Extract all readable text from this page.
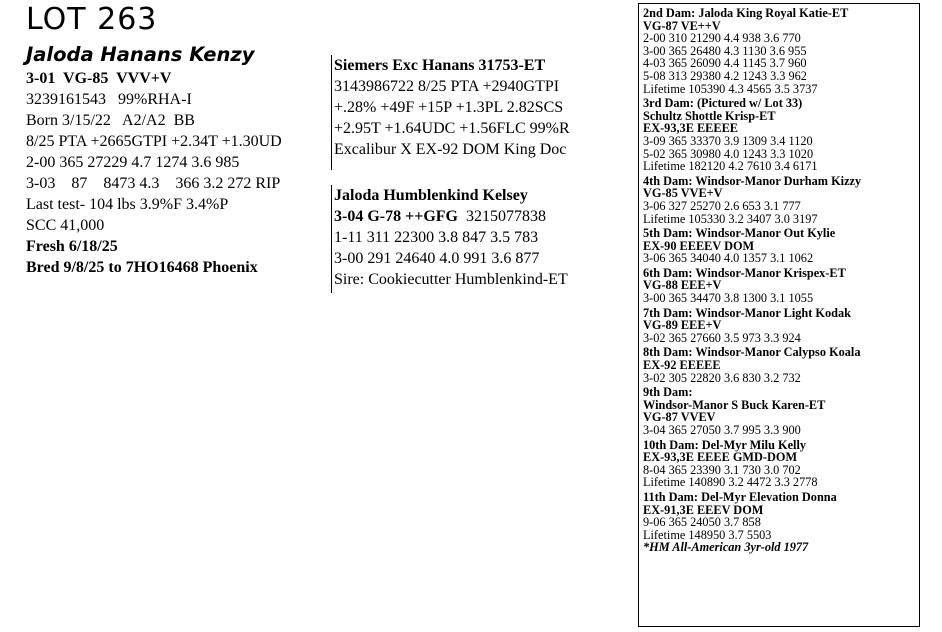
LOT 263
Jaloda Hanans Kenzy
3-01  VG-85  VVV+V
3239161543   99%RHA-I
Born 3/15/22   A2/A2  BB
8/25 PTA +2665GTPI +2.34T +1.30UD
2-00 365 27229 4.7 1274 3.6 985
3-03    87    8473 4.3    366 3.2 272 RIP
Last test- 104 lbs 3.9%F 3.4%P
SCC 41,000
Fresh 6/18/25
Bred 9/8/25 to 7HO16468 Phoenix
Siemers Exc Hanans 31753-ET
3143986722 8/25 PTA +2940GTPI
+.28% +49F +15P +1.3PL 2.82SCS
+2.95T +1.64UDC +1.56FLC 99%R
Excalibur X EX-92 DOM King Doc
Jaloda Humblenkind Kelsey
3-04 G-78 ++GFG  3215077838
1-11 311 22300 3.8 847 3.5 783
3-00 291 24640 4.0 991 3.6 877
Sire: Cookiecutter Humblenkind-ET
2nd Dam: Jaloda King Royal Katie-ET
VG-87 VE++V
2-00 310 21290 4.4 938 3.6 770
3-00 365 26480 4.3 1130 3.6 955
4-03 365 26090 4.4 1145 3.7 960
5-08 313 29380 4.2 1243 3.3 962
Lifetime 105390 4.3 4565 3.5 3737
3rd Dam: (Pictured w/ Lot 33)
Schultz Shottle Krisp-ET
EX-93,3E EEEEE
3-09 365 33370 3.9 1309 3.4 1120
5-02 365 30980 4.0 1243 3.3 1020
Lifetime 182120 4.2 7610 3.4 6171
4th Dam: Windsor-Manor Durham Kizzy
VG-85 VVE+V
3-06 327 25270 2.6 653 3.1 777
Lifetime 105330 3.2 3407 3.0 3197
5th Dam: Windsor-Manor Out Kylie
EX-90 EEEEV DOM
3-06 365 34040 4.0 1357 3.1 1062
6th Dam: Windsor-Manor Krispex-ET
VG-88 EEE+V
3-00 365 34470 3.8 1300 3.1 1055
7th Dam: Windsor-Manor Light Kodak
VG-89 EEE+V
3-02 365 27660 3.5 973 3.3 924
8th Dam: Windsor-Manor Calypso Koala
EX-92 EEEEE
3-02 305 22820 3.6 830 3.2 732
9th Dam:
Windsor-Manor S Buck Karen-ET
VG-87 VVEV
3-04 365 27050 3.7 995 3.3 900
10th Dam: Del-Myr Milu Kelly
EX-93,3E EEEE GMD-DOM
8-04 365 23390 3.1 730 3.0 702
Lifetime 140890 3.2 4472 3.3 2778
11th Dam: Del-Myr Elevation Donna
EX-91,3E EEEV DOM
9-06 365 24050 3.7 858
Lifetime 148950 3.7 5503
*HM All-American 3yr-old 1977
